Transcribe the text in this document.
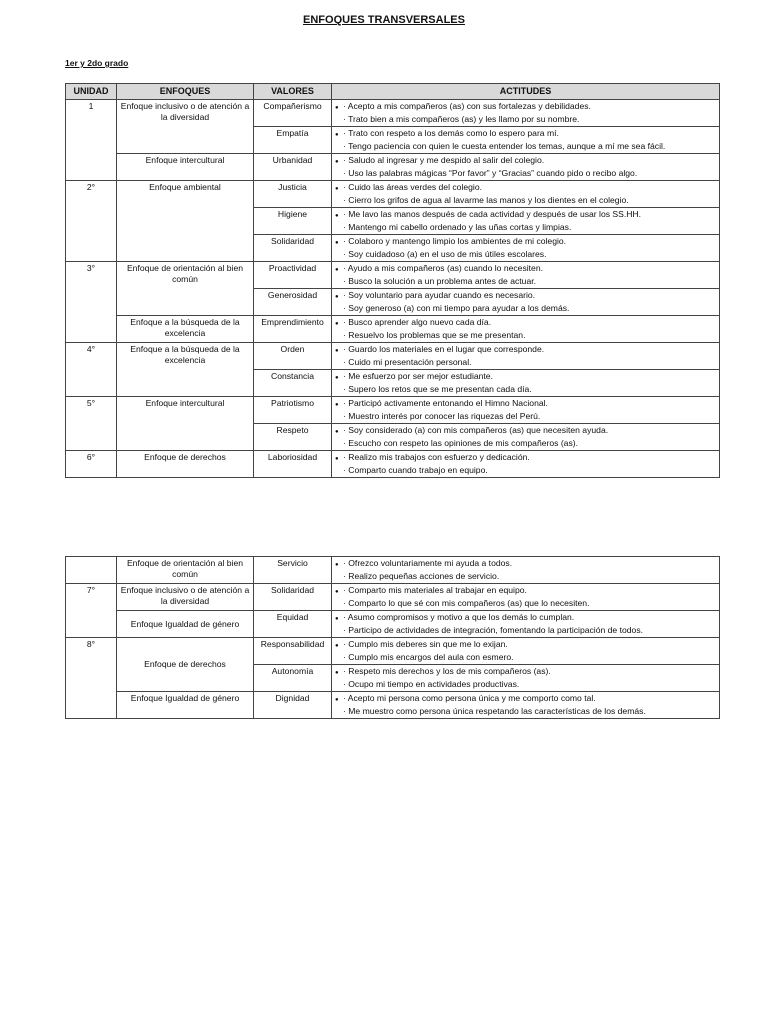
ENFOQUES TRANSVERSALES
1er y 2do grado
UNIDAD	ENFOQUES	VALORES	ACTITUDES
1	Enfoque inclusivo o de atención a la diversidad	Compañerismo	● · Acepto a mis compañeros (as) con sus fortalezas y debilidades.
· Trato bien a mis compañeros (as) y les llamo por su nombre.

		Empatía	● · Trato con respeto a los demás como lo espero para mí.
· Tengo paciencia con quien le cuesta entender los temas, aunque a mí me sea fácil.

	Enfoque intercultural	Urbanidad	● · Saludo al ingresar y me despido al salir del colegio.
· Uso las palabras mágicas “Por favor” y “Gracias” cuando pido o recibo algo.

2°	Enfoque ambiental	Justicia	● · Cuido las áreas verdes del colegio.
· Cierro los grifos de agua al lavarme las manos y los dientes en el colegio.

		Higiene	● · Me lavo las manos después de cada actividad y después de usar los SS.HH.
· Mantengo mi cabello ordenado y las uñas cortas y limpias.

		Solidaridad	● · Colaboro y mantengo limpio los ambientes de mi colegio.
· Soy cuidadoso (a) en el uso de mis útiles escolares.

3°	Enfoque de orientación al bien común	Proactividad	● · Ayudo a mis compañeros (as) cuando lo necesiten.
· Busco la solución a un problema antes de actuar.

		Generosidad	● · Soy voluntario para ayudar cuando es necesario.
· Soy generoso (a) con mi tiempo para ayudar a los demás.

	Enfoque a la búsqueda de la excelencia	Emprendimiento	● · Busco aprender algo nuevo cada día.
· Resuelvo los problemas que se me presentan.

4°	Enfoque a la búsqueda de la excelencia	Orden	● · Guardo los materiales en el lugar que corresponde.
· Cuido mi presentación personal.

		Constancia	● · Me esfuerzo por ser mejor estudiante.
· Supero los retos que se me presentan cada día.

5°	Enfoque intercultural	Patriotismo	● · Participó activamente entonando el Himno Nacional.
· Muestro interés por conocer las riquezas del Perú.

		Respeto	● · Soy considerado (a) con mis compañeros (as) que necesiten ayuda.
· Escucho con respeto las opiniones de mis compañeros (as).

6°	Enfoque de derechos	Laboriosidad	● · Realizo mis trabajos con esfuerzo y dedicación.
· Comparto cuando trabajo en equipo.
	Enfoque de orientación al bien común	Servicio	● · Ofrezco voluntariamente mi ayuda a todos.
· Realizo pequeñas acciones de servicio.

7°	Enfoque inclusivo o de atención a la diversidad	Solidaridad	● · Comparto mis materiales al trabajar en equipo.
· Comparto lo que sé con mis compañeros (as) que lo necesiten.

	Enfoque Igualdad de género	Equidad	● · Asumo compromisos y motivo a que los demás lo cumplan.
· Participo de actividades de integración, fomentando la participación de todos.

8°	Enfoque de derechos	Responsabilidad	● · Cumplo mis deberes sin que me lo exijan.
· Cumplo mis encargos del aula con esmero.

		Autonomía	● · Respeto mis derechos y los de mis compañeros (as).
· Ocupo mi tiempo en actividades productivas.

	Enfoque Igualdad de género	Dignidad	● · Acepto mi persona como persona única y me comporto como tal.
· Me muestro como persona única respetando las características de los demás.
